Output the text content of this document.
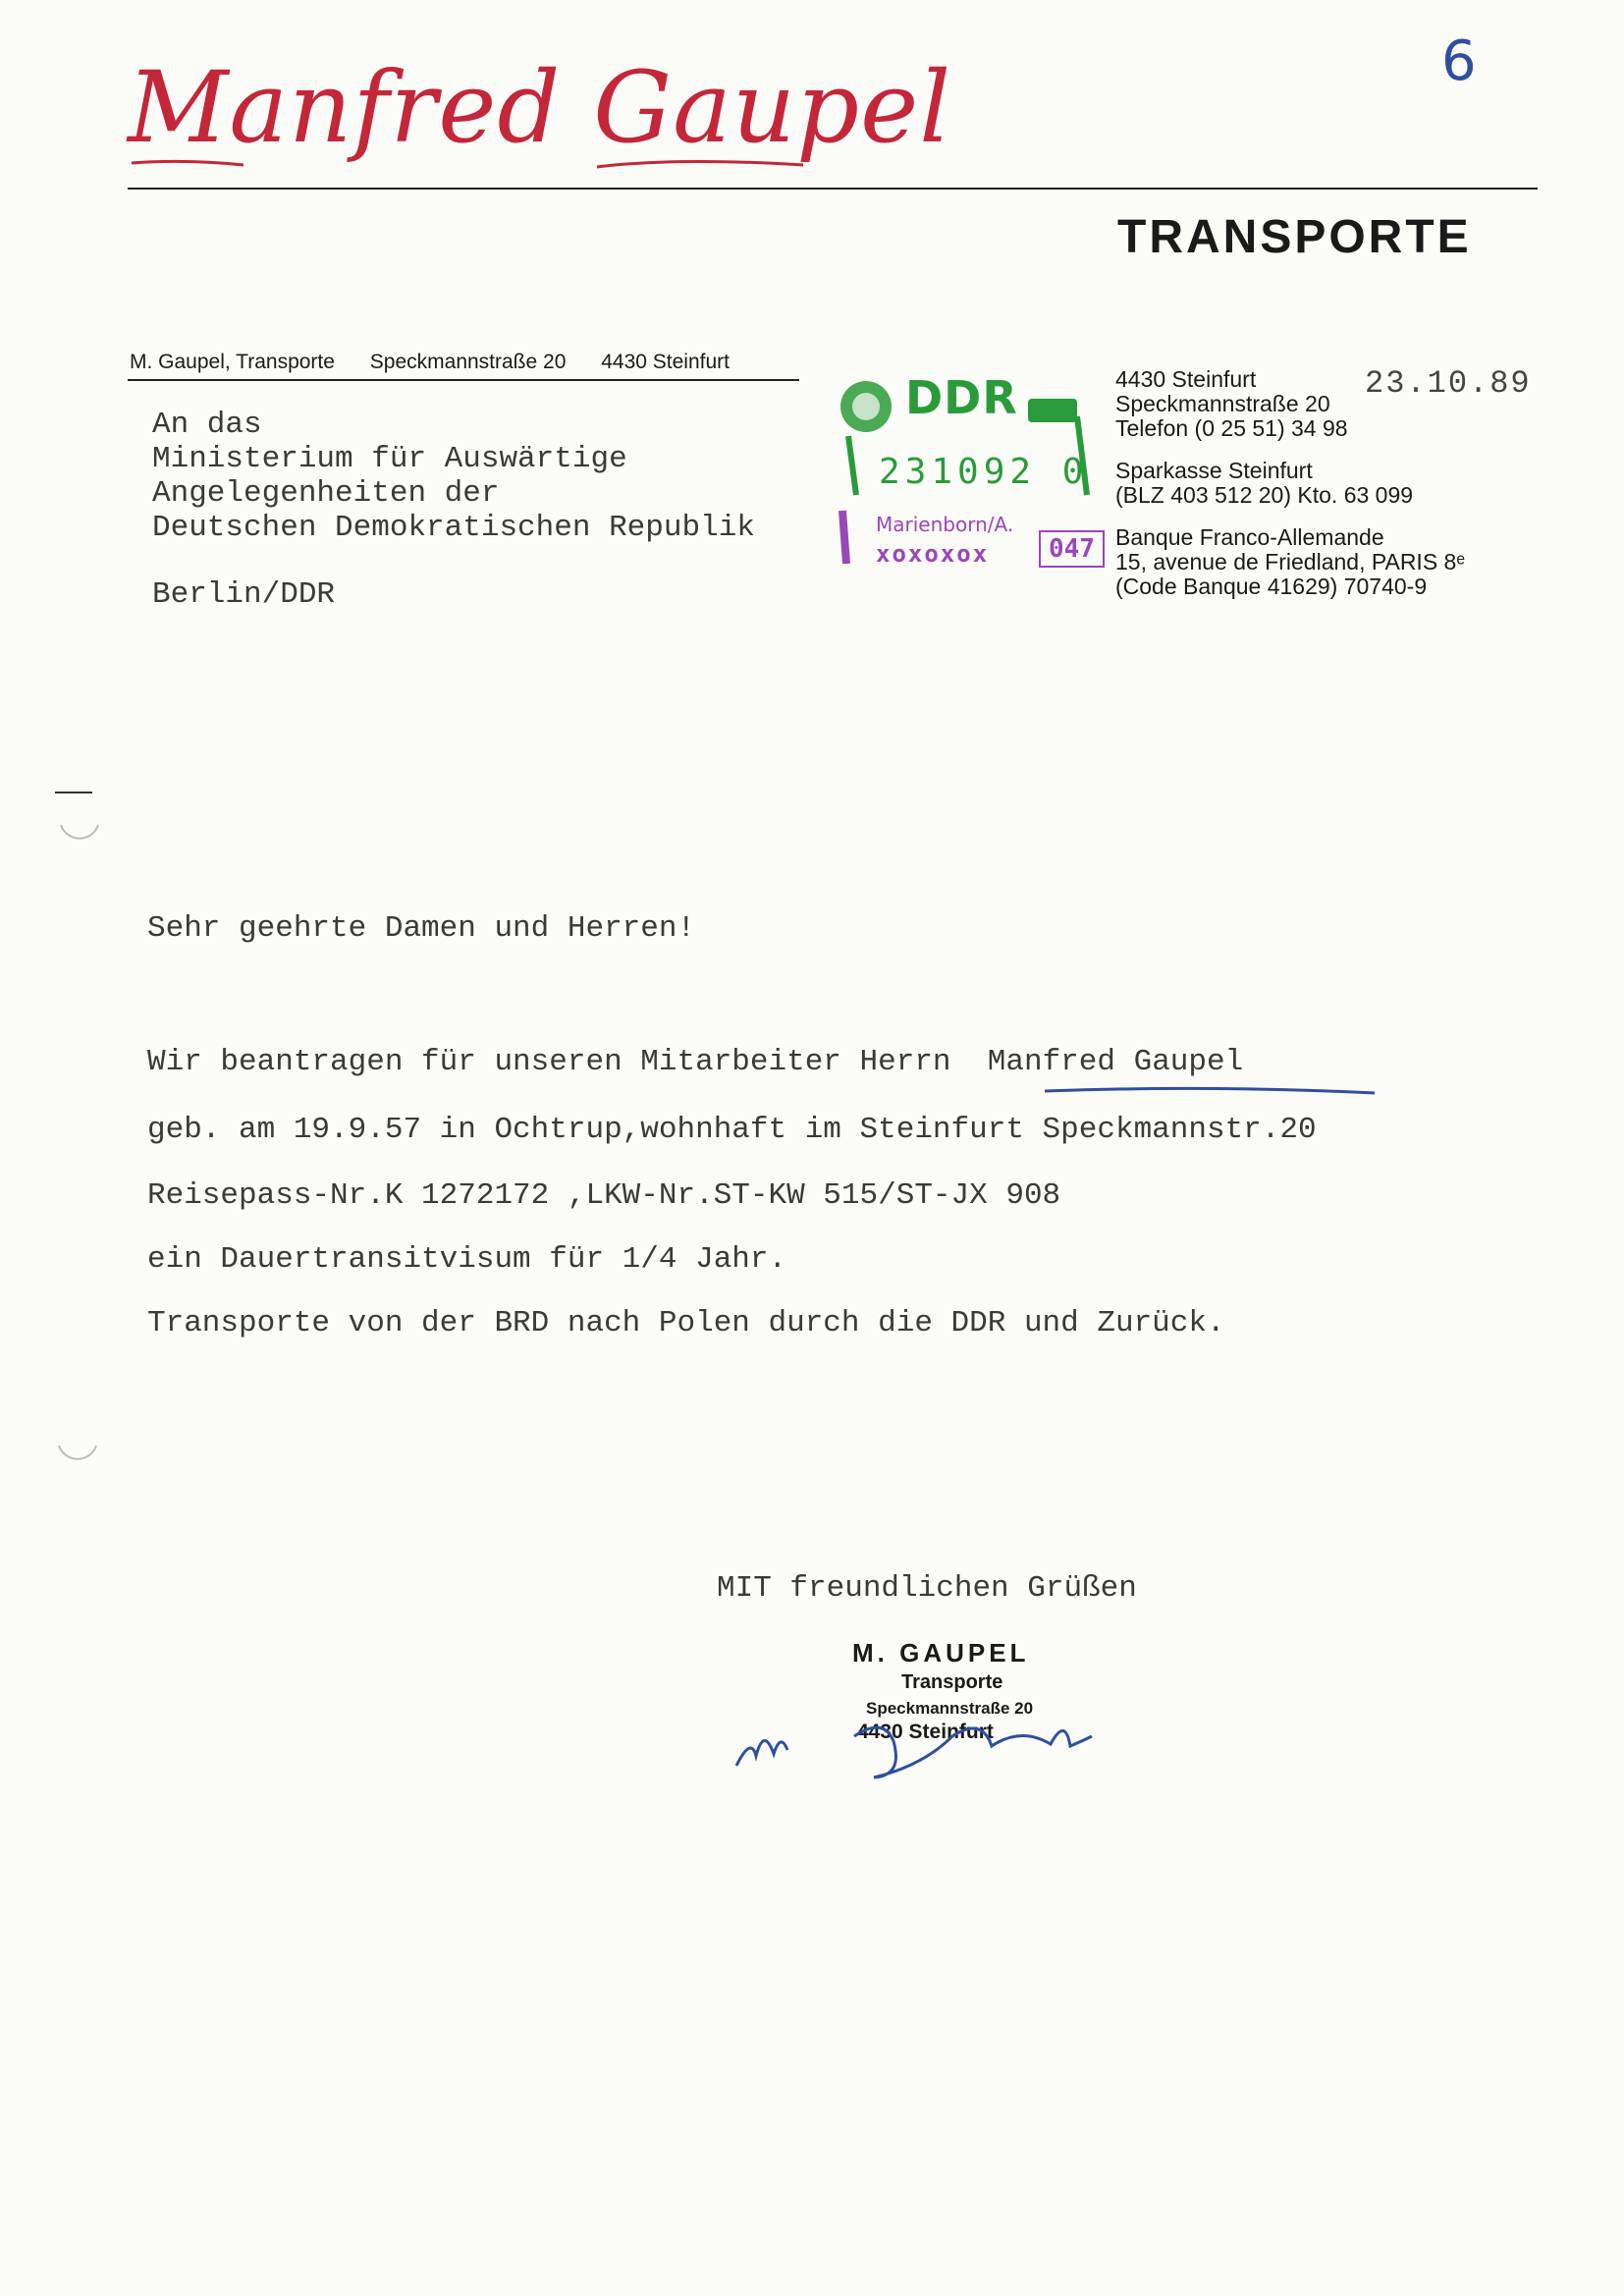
6
Manfred Gaupel
TRANSPORTE
M. Gaupel, Transporte Speckmannstraße 20 4430 Steinfurt
An das
Ministerium für Auswärtige
Angelegenheiten der
Deutschen Demokratischen Republik
Berlin/DDR
DDR
231092 0
Marienborn/A.
xoxoxox	047
4430 Steinfurt
Speckmannstraße 20
Telefon (0 25 51) 34 98
Sparkasse Steinfurt
(BLZ 403 512 20) Kto. 63 099
Banque Franco-Allemande
15, avenue de Friedland, PARIS 8ᵉ
(Code Banque 41629) 70740-9
23.10.89
Sehr geehrte Damen und Herren!
Wir beantragen für unseren Mitarbeiter Herrn Manfred Gaupel
geb. am 19.9.57 in Ochtrup,wohnhaft im Steinfurt Speckmannstr.20
Reisepass-Nr.K 1272172 ,LKW-Nr.ST-KW 515/ST-JX 908
ein Dauertransitvisum für 1/4 Jahr.
Transporte von der BRD nach Polen durch die DDR und Zurück.
MIT freundlichen Grüßen
M. GAUPEL
Transporte
Speckmannstraße 20
4430 Steinfurt
